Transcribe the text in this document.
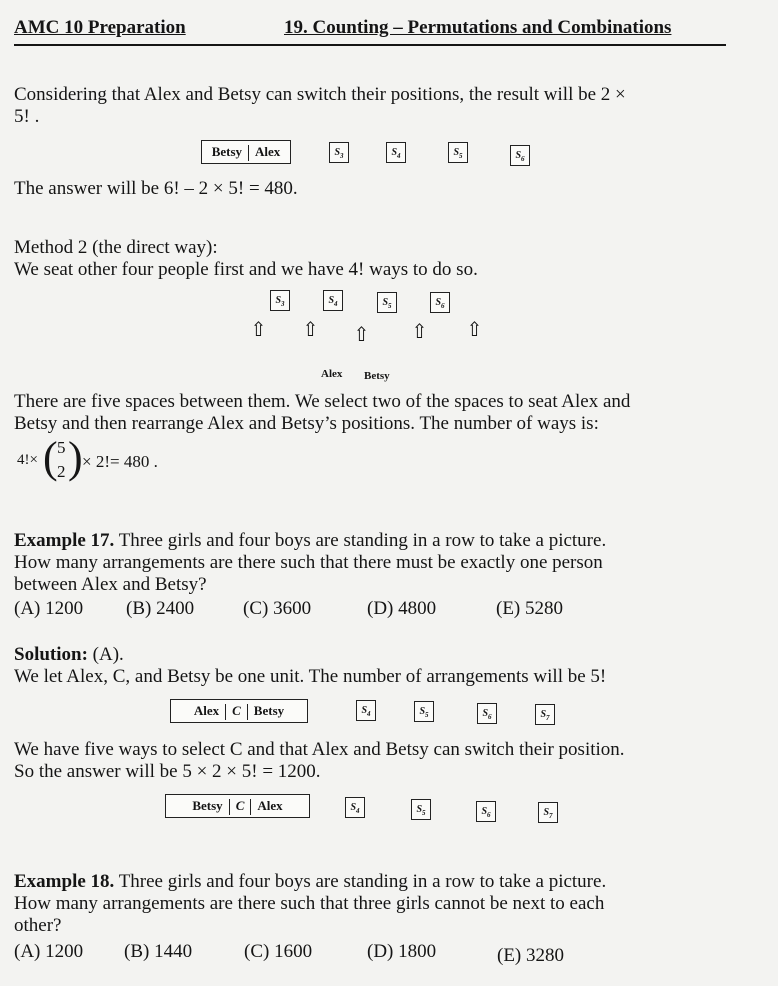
AMC 10 Preparation	19. Counting – Permutations and Combinations
Considering that Alex and Betsy can switch their positions, the result will be 2 ×
5! .
Betsy Alex	$S_3$	$S_4$	$S_5$	$S_6$
The answer will be 6! – 2 × 5! = 480.
Method 2 (the direct way):
We seat other four people first and we have 4! ways to do so.
$S_3$	$S_4$	$S_5$	$S_6$
⇧ ⇧ ⇧ ⇧ ⇧
Alex Betsy
There are five spaces between them. We select two of the spaces to seat Alex and
Betsy and then rearrange Alex and Betsy’s positions. The number of ways is:
4!× ( 5
2 ) × 2!= 480 .
Example 17. Three girls and four boys are standing in a row to take a picture.
How many arrangements are there such that there must be exactly one person
between Alex and Betsy?
(A) 1200 (B) 2400	(C) 3600	(D) 4800	(E) 5280
Solution: (A).
We let Alex, C, and Betsy be one unit. The number of arrangements will be 5!
Alex C Betsy	$S_4$	$S_5$	$S_6$	$S_7$
We have five ways to select C and that Alex and Betsy can switch their position.
So the answer will be 5 × 2 × 5! = 1200.
Betsy C Alex	$S_4$	$S_5$	$S_6$	$S_7$
Example 18. Three girls and four boys are standing in a row to take a picture.
How many arrangements are there such that three girls cannot be next to each
other?
(A) 1200 (B) 1440	(C) 1600	(D) 1800	(E) 3280
